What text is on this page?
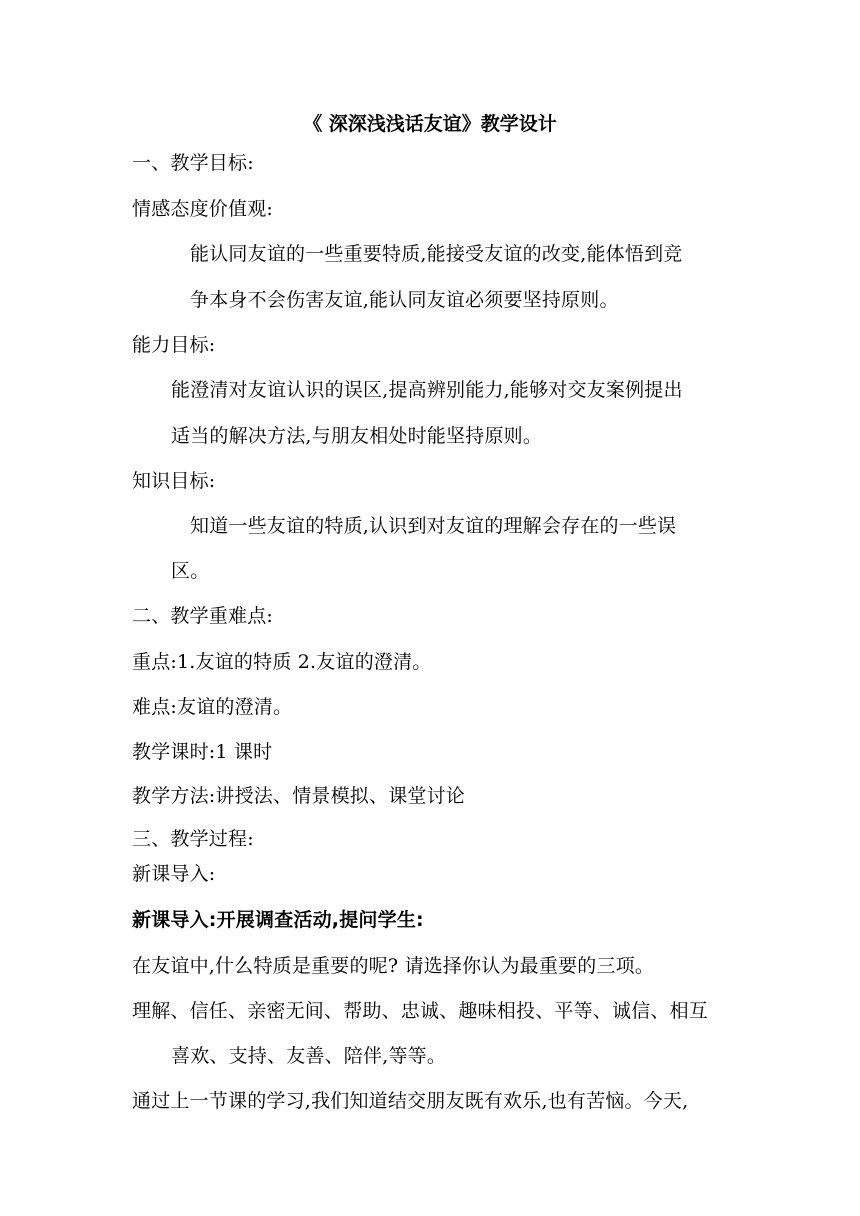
《 深深浅浅话友谊》教学设计
一、教学目标:
情感态度价值观:
能认同友谊的一些重要特质,能接受友谊的改变,能体悟到竞
争本身不会伤害友谊,能认同友谊必须要坚持原则。
能力目标:
能澄清对友谊认识的误区,提高辨别能力,能够对交友案例提出
适当的解决方法,与朋友相处时能坚持原则。
知识目标:
知道一些友谊的特质,认识到对友谊的理解会存在的一些误
区。
二、教学重难点:
重点:1.友谊的特质 2.友谊的澄清。
难点:友谊的澄清。
教学课时:1 课时
教学方法:讲授法、情景模拟、课堂讨论
三、教学过程:
新课导入:
新课导入:开展调查活动,提问学生:
在友谊中,什么特质是重要的呢? 请选择你认为最重要的三项。
理解、信任、亲密无间、帮助、忠诚、趣味相投、平等、诚信、相互
喜欢、支持、友善、陪伴,等等。
通过上一节课的学习,我们知道结交朋友既有欢乐,也有苦恼。今天,
